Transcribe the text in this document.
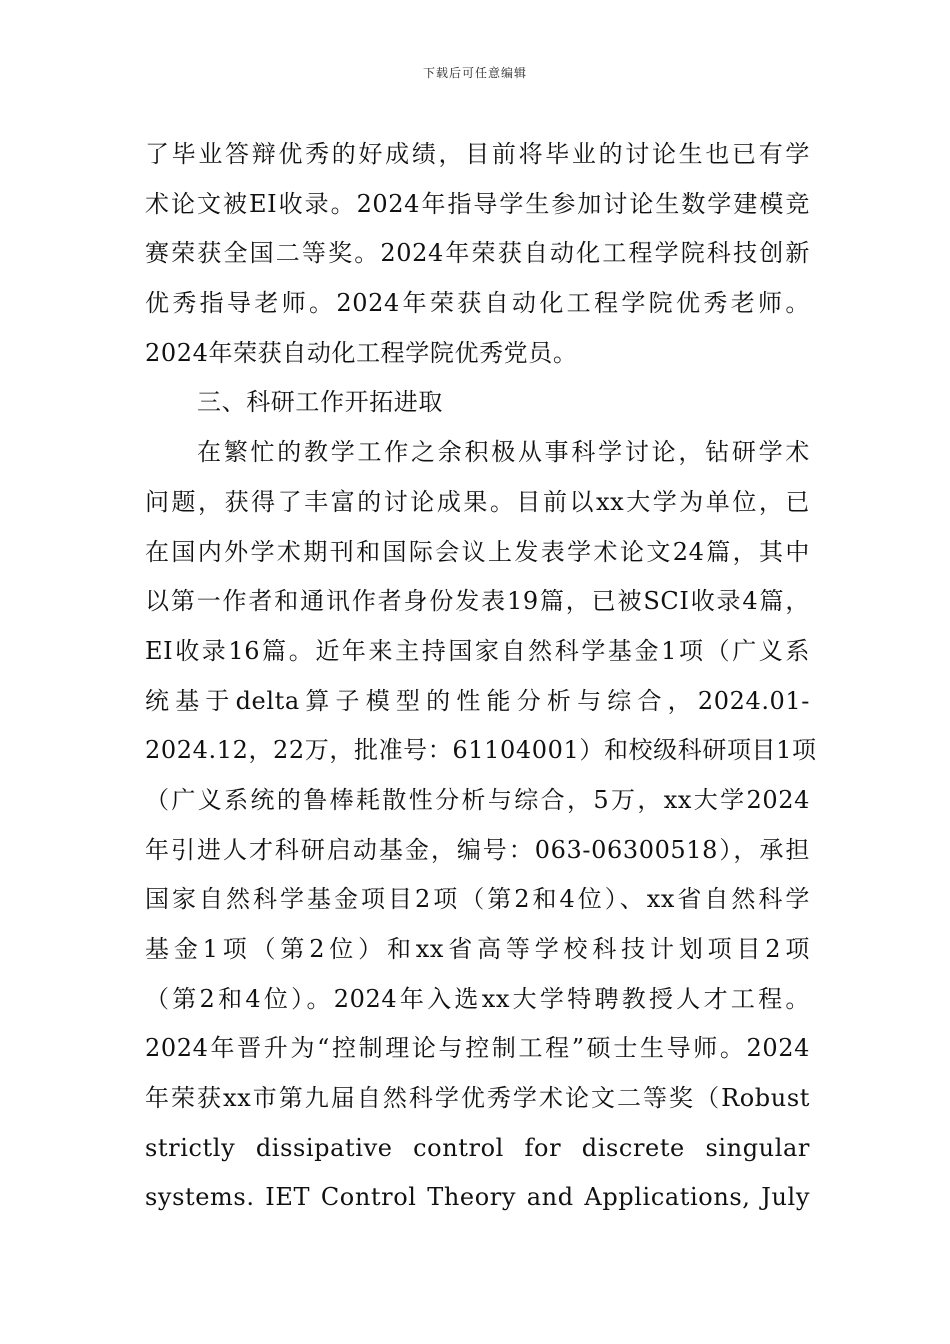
下载后可任意编辑
了毕业答辩优秀的好成绩，目前将毕业的讨论生也已有学
术论文被EI收录。2024年指导学生参加讨论生数学建模竞
赛荣获全国二等奖。2024年荣获自动化工程学院科技创新
优秀指导老师。2024年荣获自动化工程学院优秀老师。
2024年荣获自动化工程学院优秀党员。
三、科研工作开拓进取
在繁忙的教学工作之余积极从事科学讨论，钻研学术
问题，获得了丰富的讨论成果。目前以xx大学为单位，已
在国内外学术期刊和国际会议上发表学术论文24篇，其中
以第一作者和通讯作者身份发表19篇，已被SCI收录4篇，
EI收录16篇。近年来主持国家自然科学基金1项（广义系
统基于delta算子模型的性能分析与综合，2024.01-
2024.12，22万，批准号：61104001）和校级科研项目1项
（广义系统的鲁棒耗散性分析与综合，5万，xx大学2024
年引进人才科研启动基金，编号：063-06300518），承担
国家自然科学基金项目2项（第2和4位）、xx省自然科学
基金1项（第2位）和xx省高等学校科技计划项目2项
（第2和4位）。2024年入选xx大学特聘教授人才工程。
2024年晋升为“控制理论与控制工程”硕士生导师。2024
年荣获xx市第九届自然科学优秀学术论文二等奖（Robust
strictly dissipative control for discrete singular
systems. IET Control Theory and Applications, July
